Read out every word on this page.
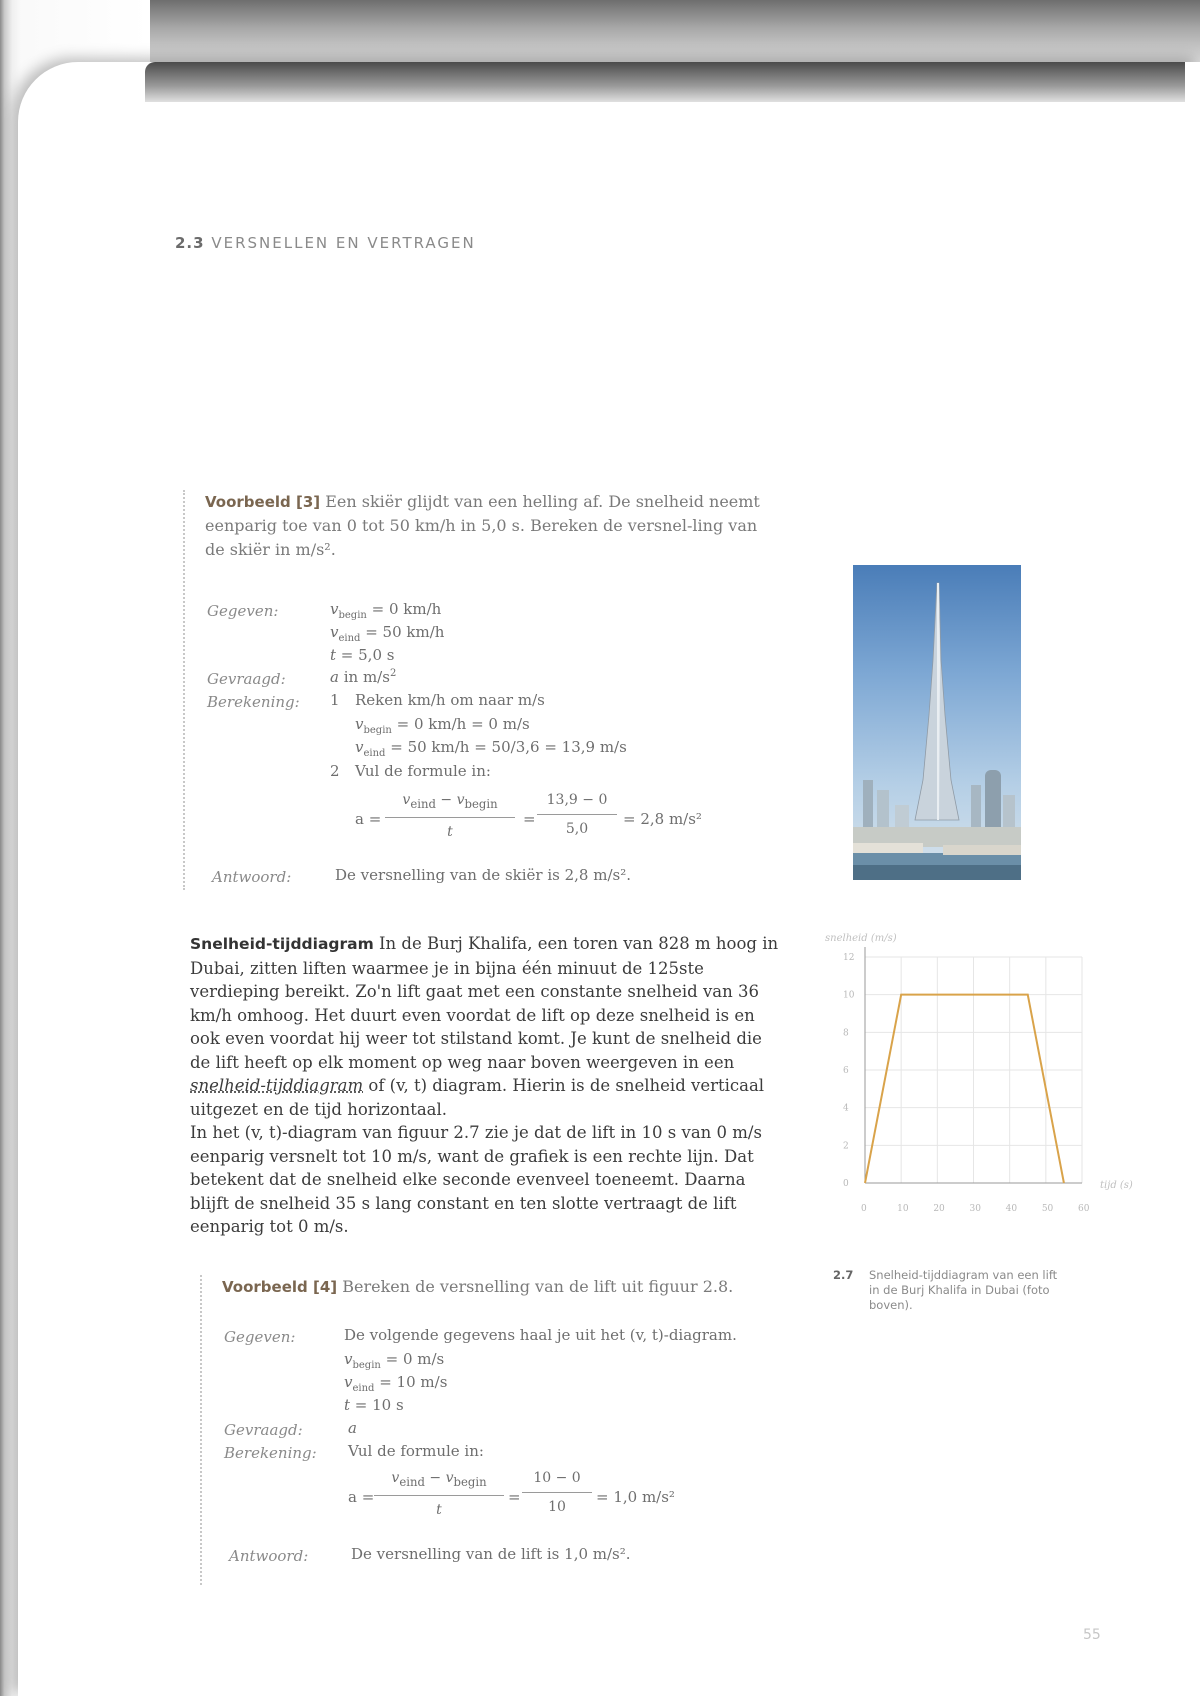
2.3 VERSNELLEN EN VERTRAGEN
Voorbeeld [3] Een skiër glijdt van een helling af. De snelheid neemt eenparig toe van 0 tot 50 km/h in 5,0 s. Bereken de versnel-ling van de skiër in m/s².
Gegeven:	$v_{begin} = 0$ km/h
$v_{eind} = 50$ km/h
t = 5,0 s
Gevraagd:	a in $m/s^2$
Berekening: 1 Reken km/h om naar m/s
$v_{begin} = 0$ km/h = 0 m/s
$v_{eind} = 50$ km/h = 50/3,6 = 13,9 m/s
2 Vul de formule in:
a =
$v_{eind} - v_{begin}$
t
= $\frac{13,9 - 0}{5,0} = 2,8$ m/s²
Antwoord:	De versnelling van de skiër is 2,8 m/s².
Snelheid-tijddiagram In de Burj Khalifa, een toren van 828 m hoog in Dubai, zitten liften waarmee je in bijna één minuut de 125ste verdieping bereikt. Zo'n lift gaat met een constante snelheid van 36 km/h omhoog. Het duurt even voordat de lift op deze snelheid is en ook even voordat hij weer tot stilstand komt. Je kunt de snelheid die de lift heeft op elk moment op weg naar boven weergeven in een snelheid-tijddiagram of (v, t) diagram. Hierin is de snelheid verticaal uitgezet en de tijd horizontaal.
In het (v, t)-diagram van figuur 2.7 zie je dat de lift in 10 s van 0 m/s eenparig versnelt tot 10 m/s, want de grafiek is een rechte lijn. Dat betekent dat de snelheid elke seconde evenveel toeneemt. Daarna blijft de snelheid 35 s lang constant en ten slotte vertraagt de lift eenparig tot 0 m/s.
Voorbeeld [4] Bereken de versnelling van de lift uit figuur 2.8.
Gegeven:	De volgende gegevens haal je uit het (v, t)-diagram.
$v_{begin} = 0$ m/s
$v_{eind} = 10$ m/s
t = 10 s
Gevraagd:	a
Berekening: Vul de formule in:
a =
$v_{eind} - v_{begin}$
t
= $\frac{10 - 0}{10} = 1,0$ m/s²
Antwoord:	De versnelling van de lift is 1,0 m/s².
snelheid (m/s)
tijd (s)
0
2
4
6
8
10
12
0	10	20	30	40	50	60
2.7 Snelheid-tijddiagram van een lift in de Burj Khalifa in Dubai (foto boven).
55
